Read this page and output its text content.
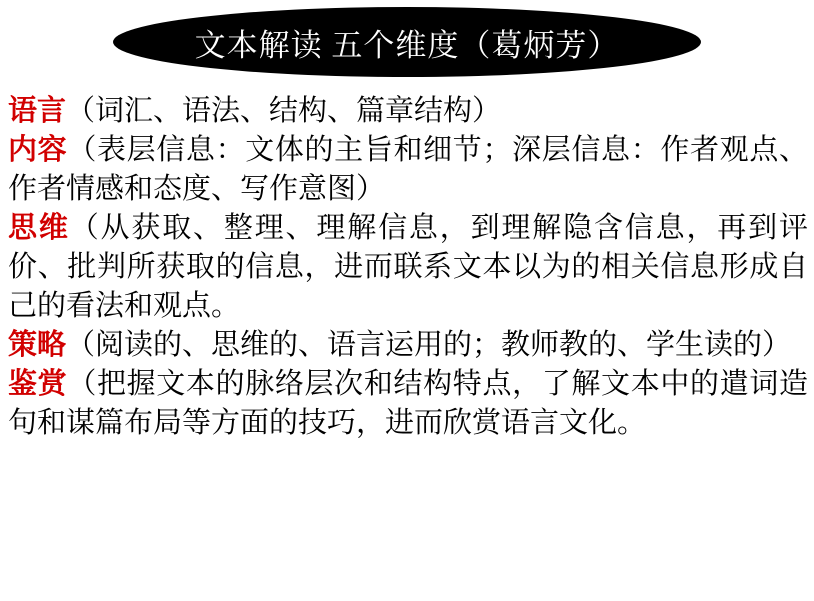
文本解读 五个维度（葛炳芳）

语言（词汇、语法、结构、篇章结构）

内容（表层信息：文体的主旨和细节；深层信息：作者观点、作者情感和态度、写作意图）

思维（从获取、整理、理解信息，到理解隐含信息，再到评价、批判所获取的信息，进而联系文本以为的相关信息形成自己的看法和观点。

策略（阅读的、思维的、语言运用的；教师教的、学生读的）

鉴赏（把握文本的脉络层次和结构特点，了解文本中的遣词造句和谋篇布局等方面的技巧，进而欣赏语言文化。
